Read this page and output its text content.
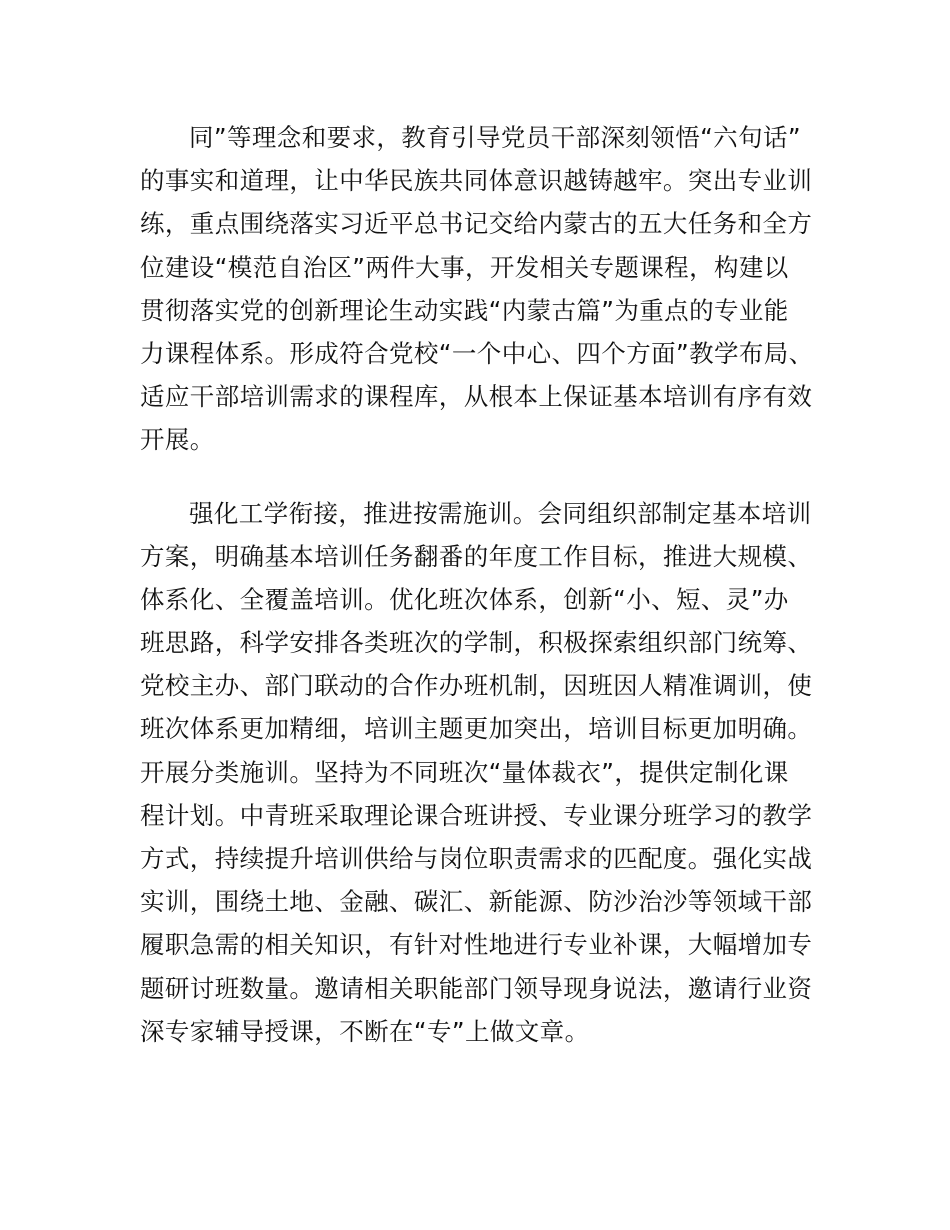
同”等理念和要求，教育引导党员干部深刻领悟“六句话”
的事实和道理，让中华民族共同体意识越铸越牢。突出专业训
练，重点围绕落实习近平总书记交给内蒙古的五大任务和全方
位建设“模范自治区”两件大事，开发相关专题课程，构建以
贯彻落实党的创新理论生动实践“内蒙古篇”为重点的专业能
力课程体系。形成符合党校“一个中心、四个方面”教学布局、
适应干部培训需求的课程库，从根本上保证基本培训有序有效
开展。

强化工学衔接，推进按需施训。会同组织部制定基本培训
方案，明确基本培训任务翻番的年度工作目标，推进大规模、
体系化、全覆盖培训。优化班次体系，创新“小、短、灵”办
班思路，科学安排各类班次的学制，积极探索组织部门统筹、
党校主办、部门联动的合作办班机制，因班因人精准调训，使
班次体系更加精细，培训主题更加突出，培训目标更加明确。
开展分类施训。坚持为不同班次“量体裁衣”，提供定制化课
程计划。中青班采取理论课合班讲授、专业课分班学习的教学
方式，持续提升培训供给与岗位职责需求的匹配度。强化实战
实训，围绕土地、金融、碳汇、新能源、防沙治沙等领域干部
履职急需的相关知识，有针对性地进行专业补课，大幅增加专
题研讨班数量。邀请相关职能部门领导现身说法，邀请行业资
深专家辅导授课，不断在“专”上做文章。
